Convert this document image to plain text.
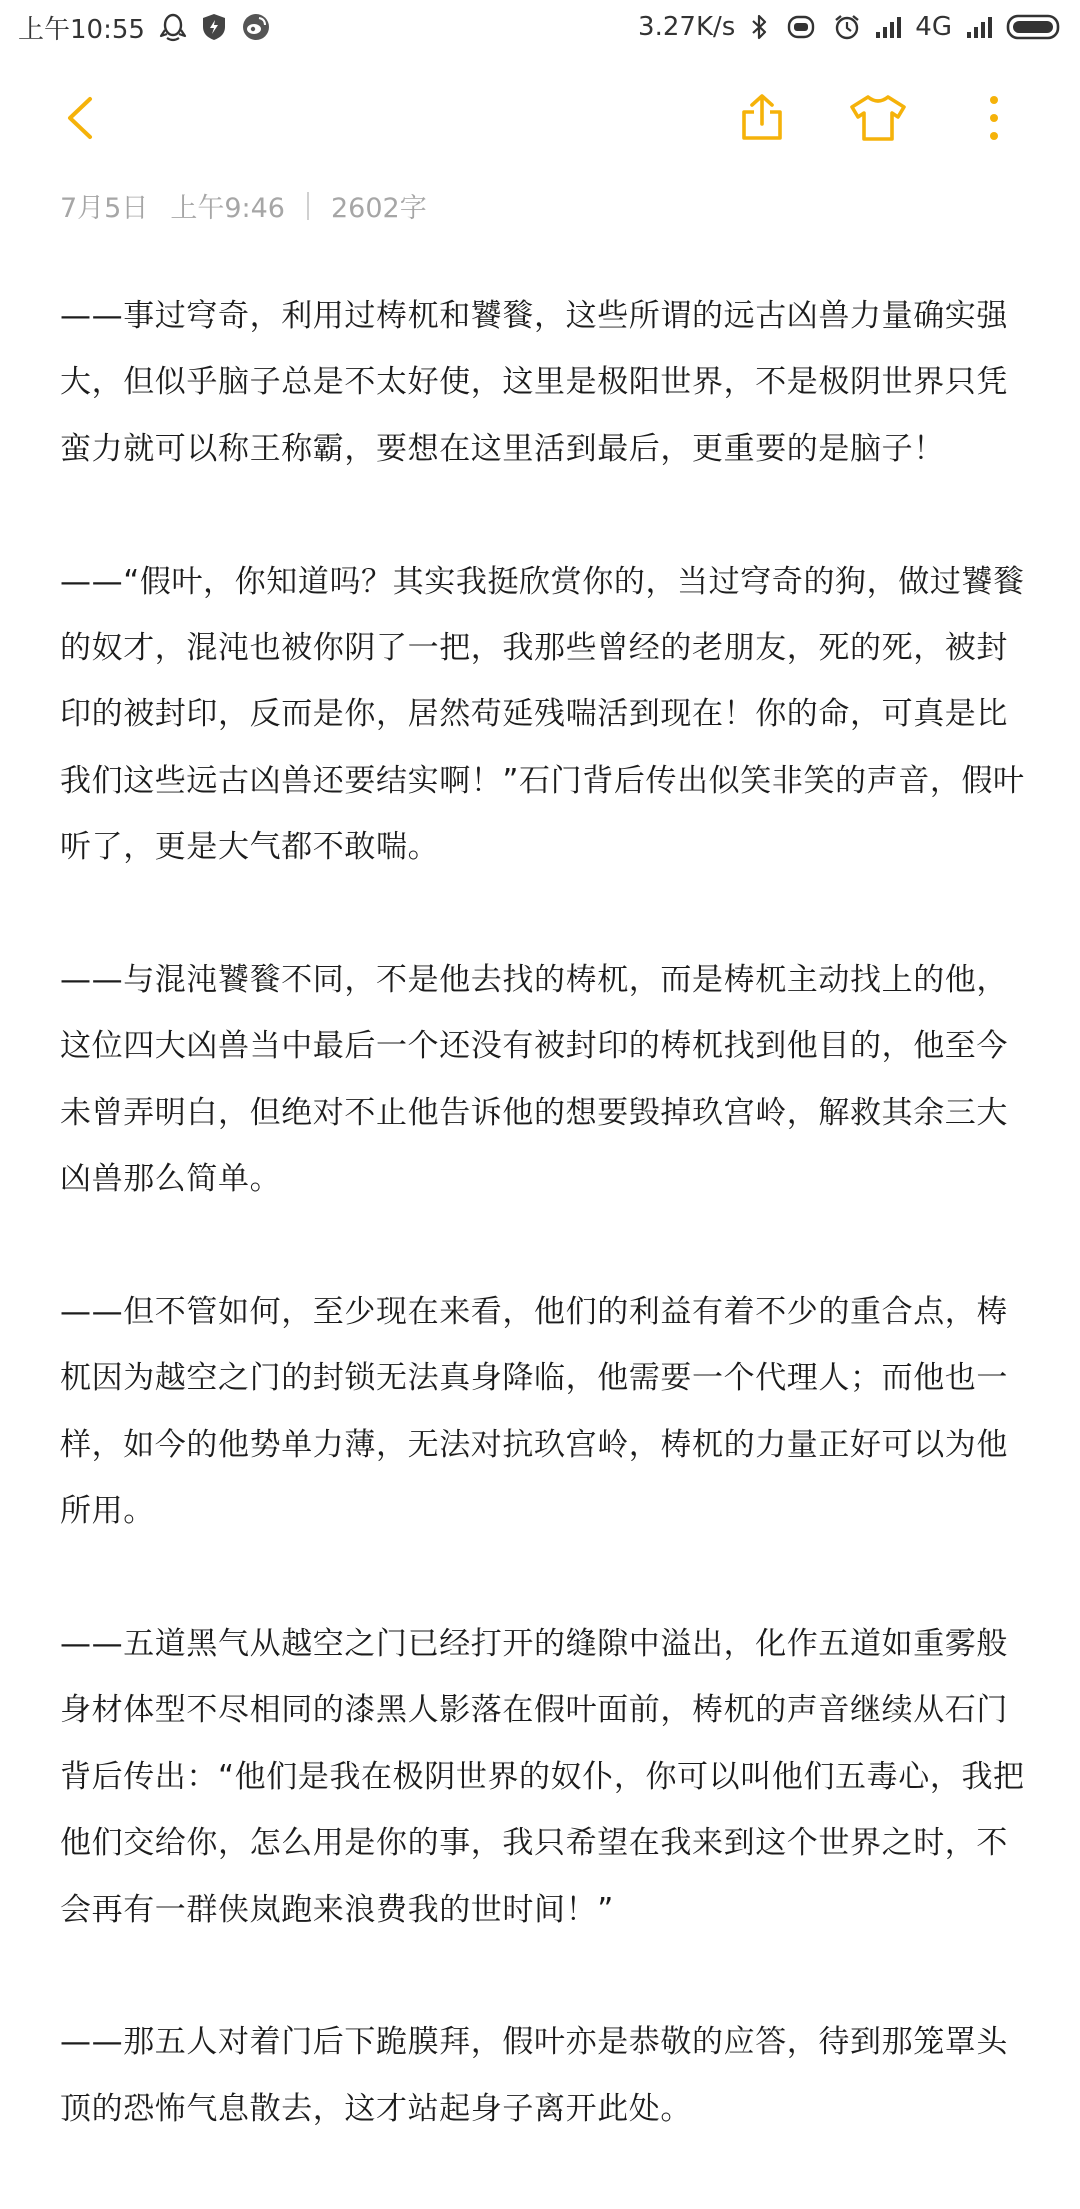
上午10:55	3.27K/s	4G
7月5日 上午9:46 2602字

——事过穹奇，利用过梼杌和饕餮，这些所谓的远古凶兽力量确实强大，但似乎脑子总是不太好使，这里是极阳世界，不是极阴世界只凭蛮力就可以称王称霸，要想在这里活到最后，更重要的是脑子！

——“假叶，你知道吗？其实我挺欣赏你的，当过穹奇的狗，做过饕餮的奴才，混沌也被你阴了一把，我那些曾经的老朋友，死的死，被封印的被封印，反而是你，居然苟延残喘活到现在！你的命，可真是比我们这些远古凶兽还要结实啊！”石门背后传出似笑非笑的声音，假叶听了，更是大气都不敢喘。

——与混沌饕餮不同，不是他去找的梼杌，而是梼杌主动找上的他，这位四大凶兽当中最后一个还没有被封印的梼杌找到他目的，他至今未曾弄明白，但绝对不止他告诉他的想要毁掉玖宫岭，解救其余三大凶兽那么简单。

——但不管如何，至少现在来看，他们的利益有着不少的重合点，梼杌因为越空之门的封锁无法真身降临，他需要一个代理人；而他也一样，如今的他势单力薄，无法对抗玖宫岭，梼杌的力量正好可以为他所用。

——五道黑气从越空之门已经打开的缝隙中溢出，化作五道如重雾般身材体型不尽相同的漆黑人影落在假叶面前，梼杌的声音继续从石门背后传出：“他们是我在极阴世界的奴仆，你可以叫他们五毒心，我把他们交给你，怎么用是你的事，我只希望在我来到这个世界之时，不会再有一群侠岚跑来浪费我的世时间！”

——那五人对着门后下跪膜拜，假叶亦是恭敬的应答，待到那笼罩头顶的恐怖气息散去，这才站起身子离开此处。
